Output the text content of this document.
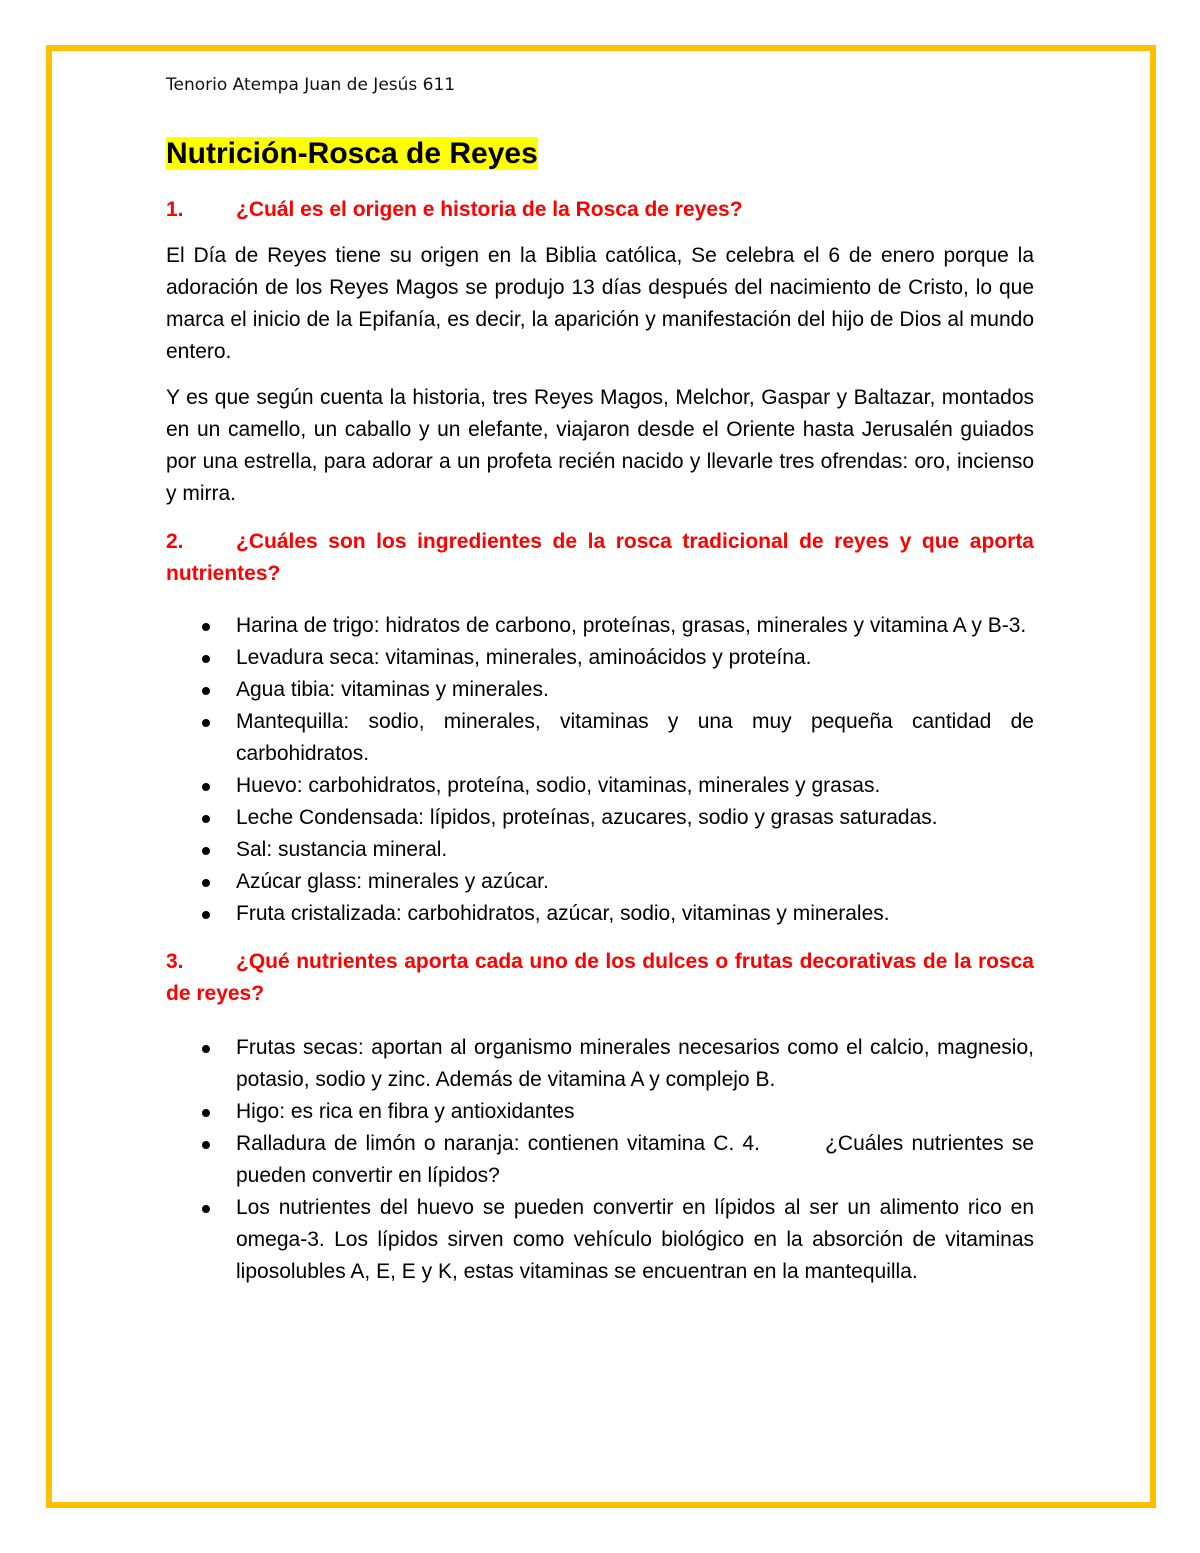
Tenorio Atempa Juan de Jesús 611

Nutrición-Rosca de Reyes

1. ¿Cuál es el origen e historia de la Rosca de reyes?

El Día de Reyes tiene su origen en la Biblia católica, Se celebra el 6 de enero porque la adoración de los Reyes Magos se produjo 13 días después del nacimiento de Cristo, lo que marca el inicio de la Epifanía, es decir, la aparición y manifestación del hijo de Dios al mundo entero.

Y es que según cuenta la historia, tres Reyes Magos, Melchor, Gaspar y Baltazar, montados en un camello, un caballo y un elefante, viajaron desde el Oriente hasta Jerusalén guiados por una estrella, para adorar a un profeta recién nacido y llevarle tres ofrendas: oro, incienso y mirra.

2. ¿Cuáles son los ingredientes de la rosca tradicional de reyes y que aporta nutrientes?

Harina de trigo: hidratos de carbono, proteínas, grasas, minerales y vitamina A y B-3.
Levadura seca: vitaminas, minerales, aminoácidos y proteína.
Agua tibia: vitaminas y minerales.
Mantequilla: sodio, minerales, vitaminas y una muy pequeña cantidad de carbohidratos.
Huevo: carbohidratos, proteína, sodio, vitaminas, minerales y grasas.
Leche Condensada: lípidos, proteínas, azucares, sodio y grasas saturadas.
Sal: sustancia mineral.
Azúcar glass: minerales y azúcar.
Fruta cristalizada: carbohidratos, azúcar, sodio, vitaminas y minerales.

3. ¿Qué nutrientes aporta cada uno de los dulces o frutas decorativas de la rosca de reyes?

Frutas secas: aportan al organismo minerales necesarios como el calcio, magnesio, potasio, sodio y zinc. Además de vitamina A y complejo B.
Higo: es rica en fibra y antioxidantes
Ralladura de limón o naranja: contienen vitamina C. 4.        ¿Cuáles nutrientes se pueden convertir en lípidos?
Los nutrientes del huevo se pueden convertir en lípidos al ser un alimento rico en omega-3. Los lípidos sirven como vehículo biológico en la absorción de vitaminas liposolubles A, E, E y K, estas vitaminas se encuentran en la mantequilla.
